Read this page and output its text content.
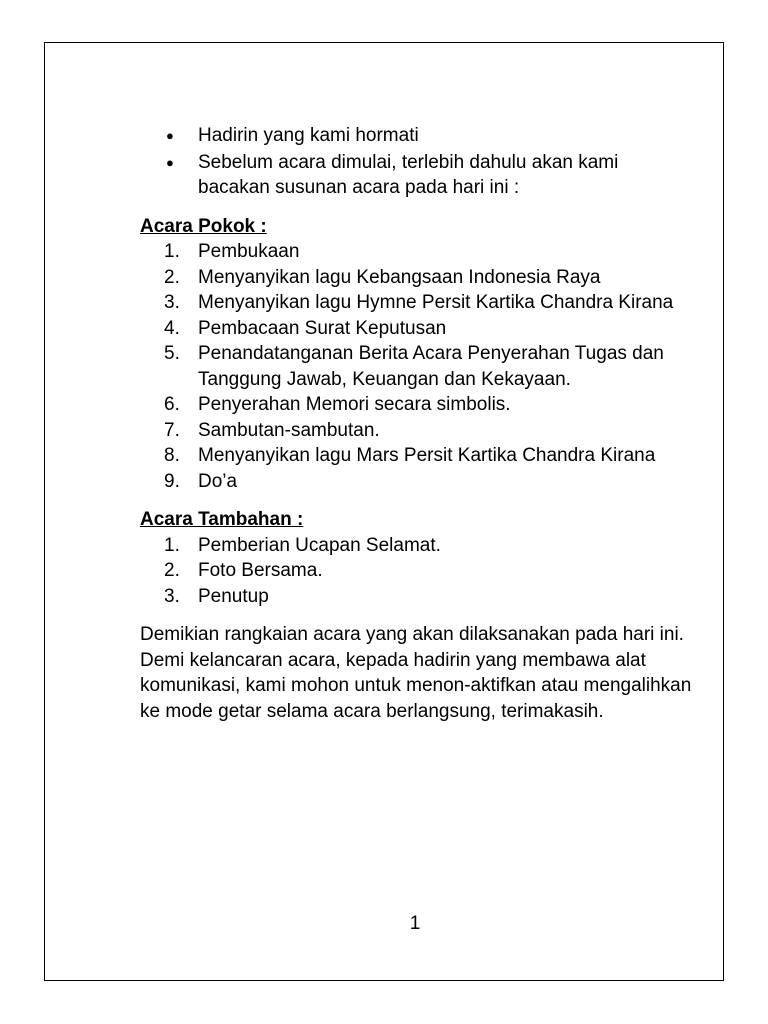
● Hadirin yang kami hormati
● Sebelum acara dimulai, terlebih dahulu akan kami bacakan susunan acara pada hari ini :
Acara Pokok :
1. Pembukaan
2. Menyanyikan lagu Kebangsaan Indonesia Raya
3. Menyanyikan lagu Hymne Persit Kartika Chandra Kirana
4. Pembacaan Surat Keputusan
5. Penandatanganan Berita Acara Penyerahan Tugas dan Tanggung Jawab, Keuangan dan Kekayaan.
6. Penyerahan Memori secara simbolis.
7. Sambutan-sambutan.
8. Menyanyikan lagu Mars Persit Kartika Chandra Kirana
9. Do’a
Acara Tambahan :
1. Pemberian Ucapan Selamat.
2. Foto Bersama.
3. Penutup

Demikian rangkaian acara yang akan dilaksanakan pada hari ini.

Demi kelancaran acara, kepada hadirin yang membawa alat komunikasi, kami mohon untuk menon-aktifkan atau mengalihkan ke mode getar selama acara berlangsung, terimakasih.

1
